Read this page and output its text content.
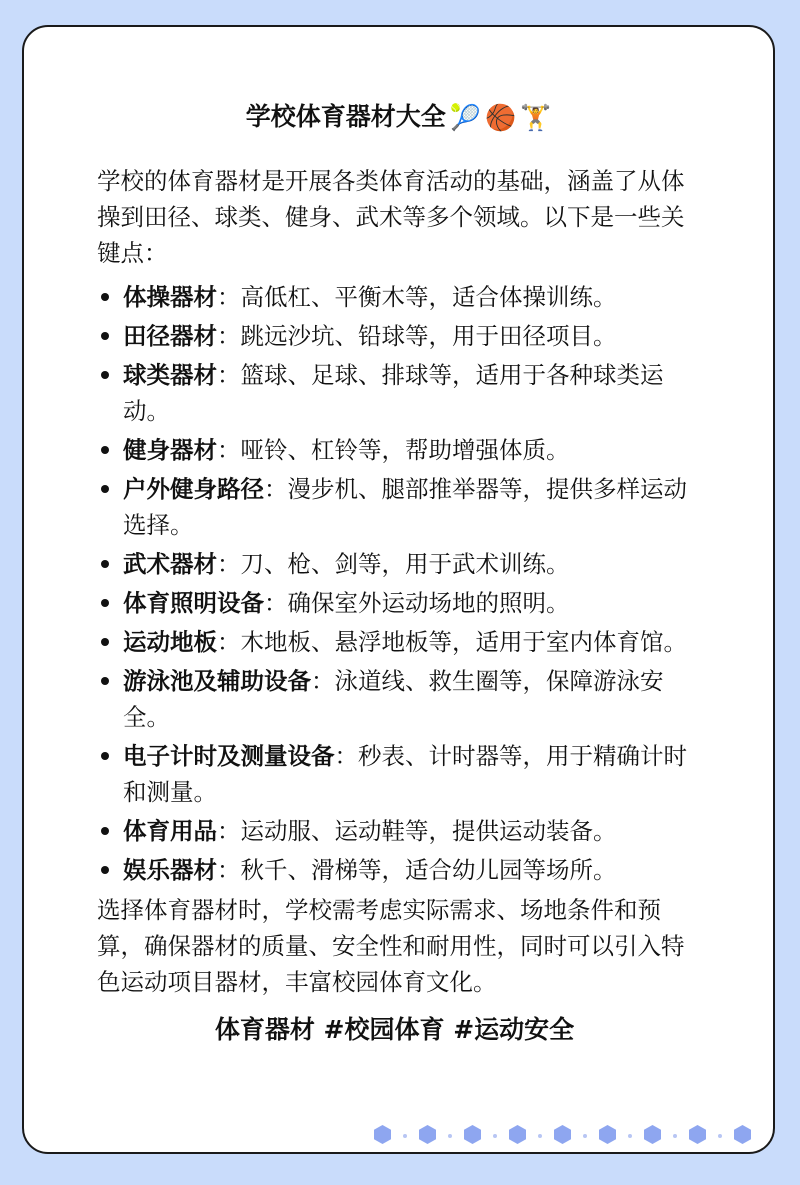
学校体育器材大全 🎾 🏀 🏋️

学校的体育器材是开展各类体育活动的基础，涵盖了从体操到田径、球类、健身、武术等多个领域。以下是一些关键点：

体操器材：高低杠、平衡木等，适合体操训练。
田径器材：跳远沙坑、铅球等，用于田径项目。
球类器材：篮球、足球、排球等，适用于各种球类运动。
健身器材：哑铃、杠铃等，帮助增强体质。
户外健身路径：漫步机、腿部推举器等，提供多样运动选择。
武术器材：刀、枪、剑等，用于武术训练。
体育照明设备：确保室外运动场地的照明。
运动地板：木地板、悬浮地板等，适用于室内体育馆。
游泳池及辅助设备：泳道线、救生圈等，保障游泳安全。
电子计时及测量设备：秒表、计时器等，用于精确计时和测量。
体育用品：运动服、运动鞋等，提供运动装备。
娱乐器材：秋千、滑梯等，适合幼儿园等场所。

选择体育器材时，学校需考虑实际需求、场地条件和预算，确保器材的质量、安全性和耐用性，同时可以引入特色运动项目器材，丰富校园体育文化。

体育器材 #校园体育 #运动安全
